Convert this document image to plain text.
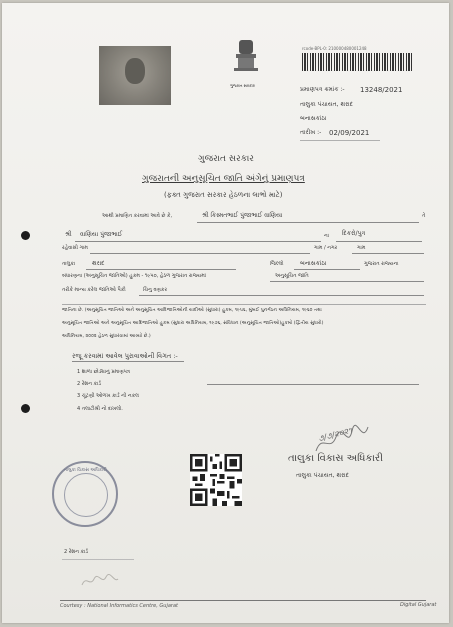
ગુજરાત સરકાર
rcode-BPL-0: 210000480001248
પ્રમાણપત્ર ક્રમાંક :- 13248/2021
તાલુકા પંચાયત, થરાદ
બનાસકાંઠા
તારીખ :- 02/09/2021
ગુજરાત સરકાર
ગુજરાતની અનુસૂચિત જાતિ અંગેનું પ્રમાણપત્ર
(ફક્ત ગુજરાત સરકાર હેઠળના લાભો માટે)
આથી પ્રમાણિત કરવામાં આવે છે કે,	શ્રી કિસ્મતભાઈ પુંજાભાઈ વાણિયા	તે
શ્રી વાણિયા પુંજાભાઈ	ના દિકરો/પુત્ર
રહેવાસી ગામ	ગામ / નગર	ગામ
તાલુકા	થરાદ	જિલ્લો	બનાસકાંઠા	ગુજરાત રાજ્યના
બંધારણના (અનુસૂચિત જાતિઓ) હુકમ - ૧૯૫૦, હેઠળ ગુજરાત રાજ્યમાં	અનુસૂચિત જાતિ
તરીકે માન્ય કરેલ જાતિઓ પૈકી	ચિનુ વણકર
જાતિના છે. (અનુસૂચિત જાતિઓ અને અનુસૂચિત આદિજાતિઓની યાદીઓ (સુધારા) હુકમ, ૧૯૫૬, મુંબઈ પુનર્ગઠન અધિનિયમ, ૧૯૬૦ તથા
અનુસૂચિત જાતિઓ અને અનુસૂચિત આદિજાતિઓ હુકમ (સુધારા અધિનિયમ, ૧૯૭૬, સંવિધાન (અનુસૂચિત જાતિઓ)હુકમો (દ્વિતીય સુધારો)
અધિનિયમ, ૨૦૦૨ હેઠળ સુધારવામાં આવ્યો છે.)
રજૂ કરવામાં આવેલ પુરાવાઓની વિગત :-
1 શાળા છોડ્યાનું પ્રમાણપત્ર
2 રેશન કાર્ડ
3 ચૂંટણી ઓળખ કાર્ડ ની નકલ
4 તલાટીશ્રી નો દાખલો.
૭/૭/૨૦૨૧
તાલુકા વિકાસ અધિકારી
તાલુકા પંચાયત, થરાદ
તાલુકા વિકાસ અધિકારી
2 રેશન કાર્ડ
Courtesy : National Informatics Centre, Gujarat	Digital Gujarat
